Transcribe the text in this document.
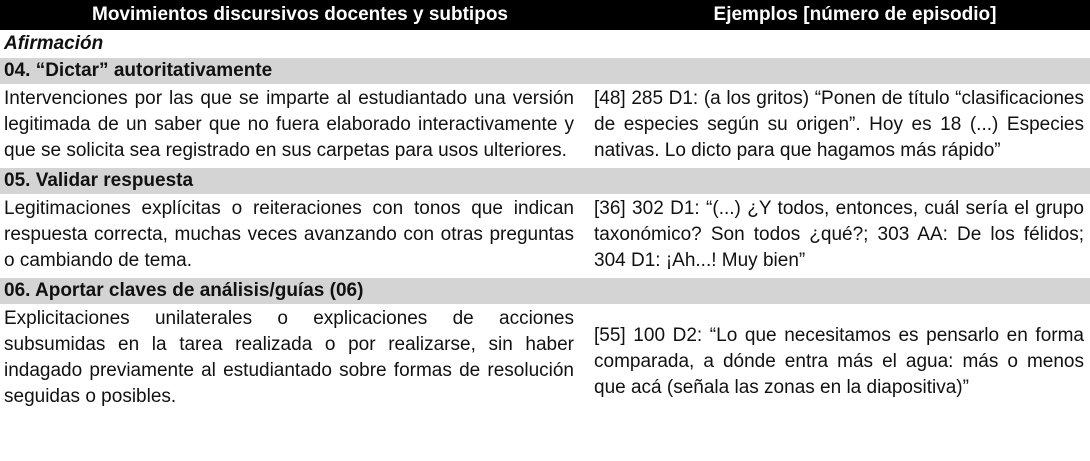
Movimientos discursivos docentes y subtipos	Ejemplos [número de episodio]
Afirmación	
04. “Dictar” autoritativamente	
Intervenciones por las que se imparte al estudiantado una versión legitimada de un saber que no fuera elaborado interactivamente y que se solicita sea registrado en sus carpetas para usos ulteriores.	[48] 285 D1: (a los gritos) “Ponen de título “clasificaciones de especies según su origen”. Hoy es 18 (...) Especies nativas. Lo dicto para que hagamos más rápido”
05. Validar respuesta	
Legitimaciones explícitas o reiteraciones con tonos que indican respuesta correcta, muchas veces avanzando con otras preguntas o cambiando de tema.	[36] 302 D1: “(...) ¿Y todos, entonces, cuál sería el grupo taxonómico? Son todos ¿qué?; 303 AA: De los félidos; 304 D1: ¡Ah...! Muy bien”
06. Aportar claves de análisis/guías (06)	
Explicitaciones unilaterales o explicaciones de acciones subsumidas en la tarea realizada o por realizarse, sin haber indagado previamente al estudiantado sobre formas de resolución seguidas o posibles.	[55] 100 D2: “Lo que necesitamos es pensarlo en forma comparada, a dónde entra más el agua: más o menos que acá (señala las zonas en la diapositiva)”
